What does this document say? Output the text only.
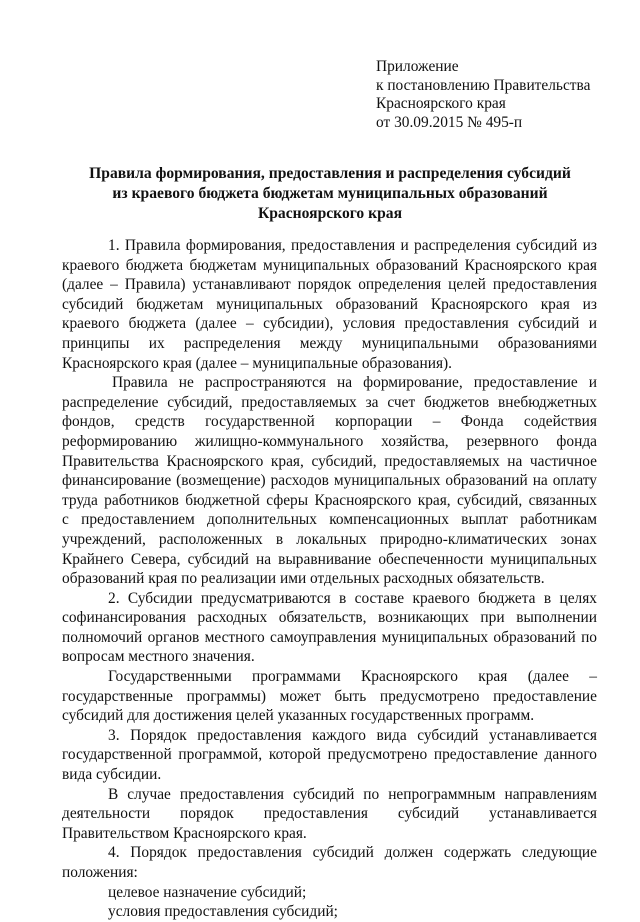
Приложение
к постановлению Правительства
Красноярского края
от 30.09.2015 № 495-п
Правила формирования, предоставления и распределения субсидий
из краевого бюджета бюджетам муниципальных образований
Красноярского края
1. Правила формирования, предоставления и распределения субсидий из
краевого бюджета бюджетам муниципальных образований Красноярского края
(далее – Правила) устанавливают порядок определения целей предоставления
субсидий бюджетам муниципальных образований Красноярского края из
краевого бюджета (далее – субсидии), условия предоставления субсидий и
принципы их распределения между муниципальными образованиями
Красноярского края (далее – муниципальные образования).
Правила не распространяются на формирование, предоставление и
распределение субсидий, предоставляемых за счет бюджетов внебюджетных
фондов, средств государственной корпорации – Фонда содействия
реформированию жилищно-коммунального хозяйства, резервного фонда
Правительства Красноярского края, субсидий, предоставляемых на частичное
финансирование (возмещение) расходов муниципальных образований на оплату
труда работников бюджетной сферы Красноярского края, субсидий, связанных
с предоставлением дополнительных компенсационных выплат работникам
учреждений, расположенных в локальных природно-климатических зонах
Крайнего Севера, субсидий на выравнивание обеспеченности муниципальных
образований края по реализации ими отдельных расходных обязательств.
2. Субсидии предусматриваются в составе краевого бюджета в целях
софинансирования расходных обязательств, возникающих при выполнении
полномочий органов местного самоуправления муниципальных образований по
вопросам местного значения.
Государственными программами Красноярского края (далее –
государственные программы) может быть предусмотрено предоставление
субсидий для достижения целей указанных государственных программ.
3. Порядок предоставления каждого вида субсидий устанавливается
государственной программой, которой предусмотрено предоставление данного
вида субсидии.
В случае предоставления субсидий по непрограммным направлениям
деятельности порядок предоставления субсидий устанавливается
Правительством Красноярского края.
4. Порядок предоставления субсидий должен содержать следующие
положения:
целевое назначение субсидий;
условия предоставления субсидий;
